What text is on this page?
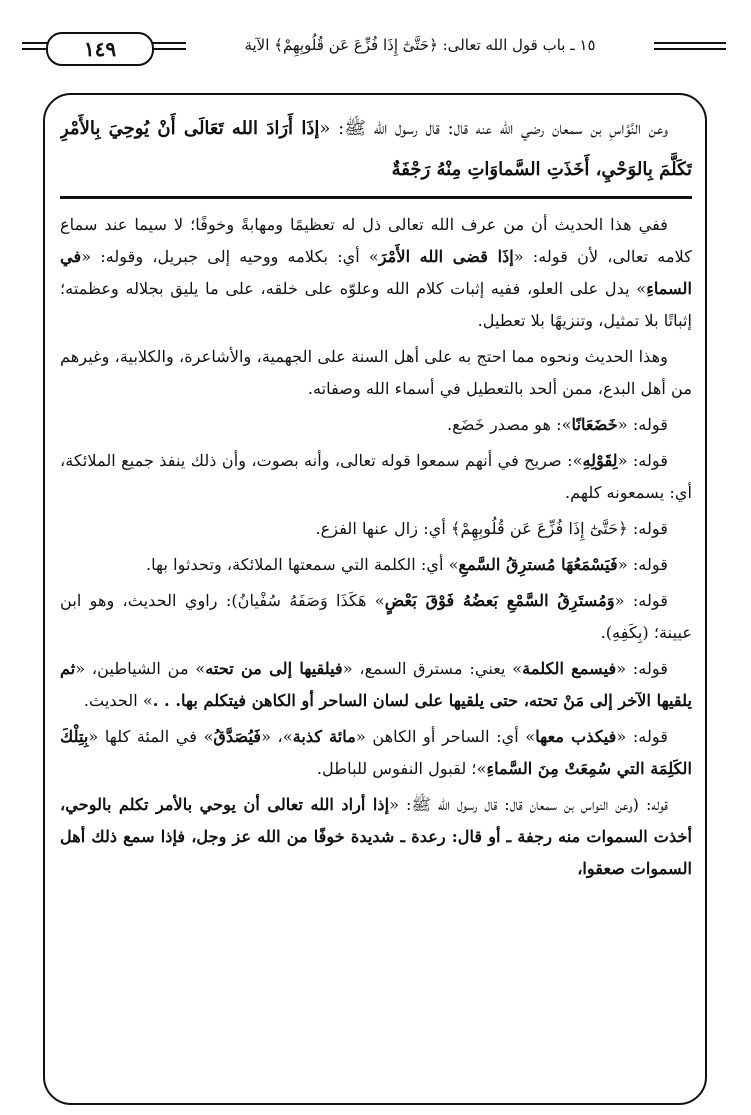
١٤٩	١٥ ـ باب قول الله تعالى: ﴿حَتَّىٰٓ إِذَا فُزِّعَ عَن قُلُوبِهِمْ﴾ الآية

وعن النَّوَّاسِ بن سمعان رضي الله عنه قال: قال رسول الله ﷺ: «إذَا أَرَادَ الله تَعَالَى أَنْ يُوحِيَ بِالأَمْرِ تَكَلَّمَ بِالوَحْيِ، أَخَذَتِ السَّماوَاتِ مِنْهُ رَجْفَةٌ

ففي هذا الحديث أن من عرف الله تعالى ذل له تعظيمًا ومهابةً وخوفًا؛ لا سيما عند سماع كلامه تعالى، لأن قوله: «إذَا قضى الله الأَمْرَ» أي: بكلامه ووحيه إلى جبريل، وقوله: «في السماءِ» يدل على العلو، ففيه إثبات كلام الله وعلوّه على خلقه، على ما يليق بجلاله وعظمته؛ إثباتًا بلا تمثيل، وتنزيهًا بلا تعطيل.

وهذا الحديث ونحوه مما احتج به على أهل السنة على الجهمية، والأشاعرة، والكلابية، وغيرهم من أهل البدع، ممن ألحد بالتعطيل في أسماء الله وصفاته.

قوله: «خَضَعَانًا»: هو مصدر خَضَع.

قوله: «لِقَوْلِهِ»: صريح في أنهم سمعوا قوله تعالى، وأنه بصوت، وأن ذلك ينفذ جميع الملائكة، أي: يسمعونه كلهم.

قوله: ﴿حَتَّىٰٓ إِذَا فُزِّعَ عَن قُلُوبِهِمْ﴾ أي: زال عنها الفزع.

قوله: «فَيَسْمَعُهَا مُسترِقُ السَّمعِ» أي: الكلمة التي سمعتها الملائكة، وتحدثوا بها.

قوله: «وَمُستَرِقُ السَّمْعِ بَعضُهُ فَوْقَ بَعْضٍ» هَكَذَا وَصَفَهُ سُفْيانُ): راوي الحديث، وهو ابن عيينة؛ (بِكَفِهِ).

قوله: «فيسمع الكلمة» يعني: مسترق السمع، «فيلقيها إلى من تحته» من الشياطين، «ثم يلقيها الآخر إلى مَنْ تحته، حتى يلقيها على لسان الساحر أو الكاهن فيتكلم بها. . .» الحديث.

قوله: «فيكذب معها» أي: الساحر أو الكاهن «مائة كذبة»، «فَيُصَدَّقُ» في المئة كلها «بِتِلْكَ الكَلِمَة التي سُمِعَتْ مِنَ السَّماءِ»؛ لقبول النفوس للباطل.

قوله: (وعن النواس بن سمعان قال: قال رسول الله ﷺ: «إذا أراد الله تعالى أن يوحي بالأمر تكلم بالوحي، أخذت السموات منه رجفة ـ أو قال: رعدة ـ شديدة خوفًا من الله عز وجل، فإذا سمع ذلك أهل السموات صعقوا،
